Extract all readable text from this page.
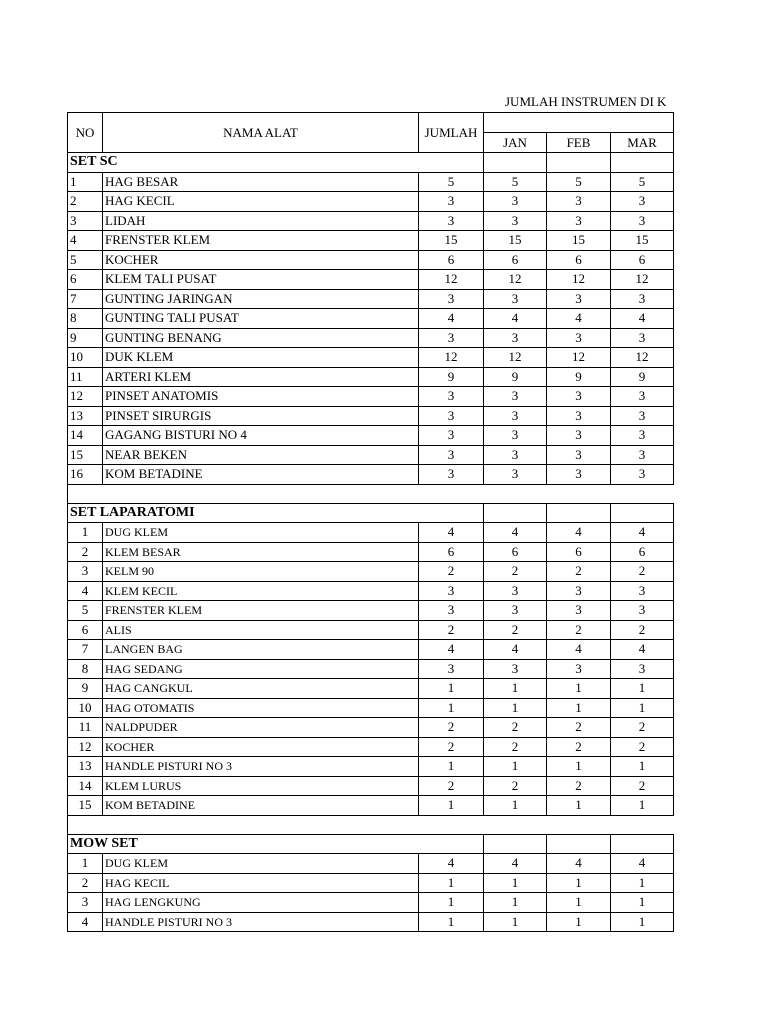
JUMLAH INSTRUMEN DI K
NO	NAMA ALAT	JUMLAH			
			JAN	FEB	MAR
SET SC					
1	HAG BESAR	5	5	5	5
2	HAG KECIL	3	3	3	3
3	LIDAH	3	3	3	3
4	FRENSTER KLEM	15	15	15	15
5	KOCHER	6	6	6	6
6	KLEM TALI PUSAT	12	12	12	12
7	GUNTING JARINGAN	3	3	3	3
8	GUNTING TALI PUSAT	4	4	4	4
9	GUNTING BENANG	3	3	3	3
10	DUK KLEM	12	12	12	12
11	ARTERI KLEM	9	9	9	9
12	PINSET ANATOMIS	3	3	3	3
13	PINSET SIRURGIS	3	3	3	3
14	GAGANG BISTURI NO 4	3	3	3	3
15	NEAR BEKEN	3	3	3	3
16	KOM BETADINE	3	3	3	3

SET LAPARATOMI					
1	DUG KLEM	4	4	4	4
2	KLEM BESAR	6	6	6	6
3	KELM 90	2	2	2	2
4	KLEM KECIL	3	3	3	3
5	FRENSTER KLEM	3	3	3	3
6	ALIS	2	2	2	2
7	LANGEN BAG	4	4	4	4
8	HAG SEDANG	3	3	3	3
9	HAG CANGKUL	1	1	1	1
10	HAG OTOMATIS	1	1	1	1
11	NALDPUDER	2	2	2	2
12	KOCHER	2	2	2	2
13	HANDLE PISTURI NO 3	1	1	1	1
14	KLEM LURUS	2	2	2	2
15	KOM BETADINE	1	1	1	1

MOW SET					
1	DUG KLEM	4	4	4	4
2	HAG KECIL	1	1	1	1
3	HAG LENGKUNG	1	1	1	1
4	HANDLE PISTURI NO 3	1	1	1	1
